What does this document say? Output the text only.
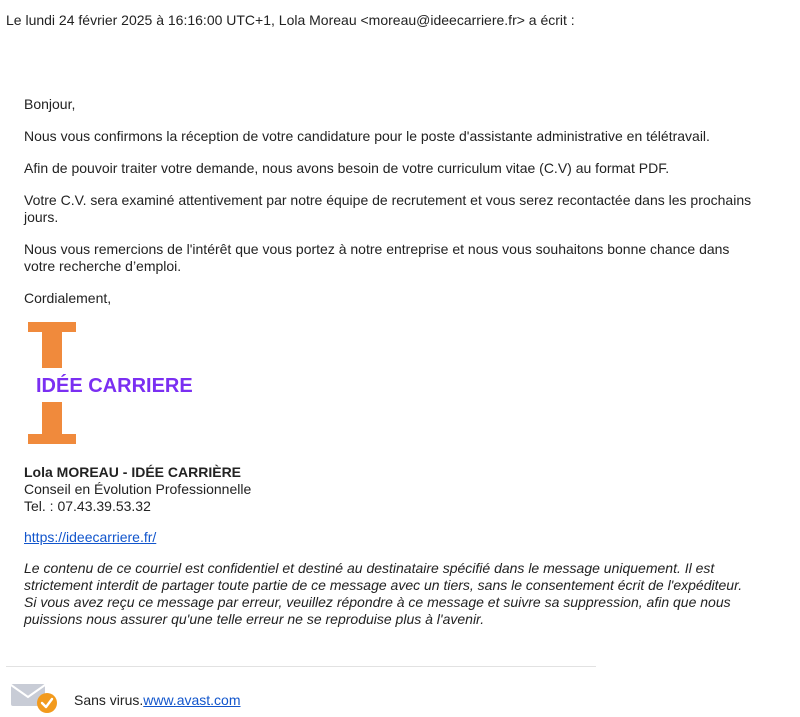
Le lundi 24 février 2025 à 16:16:00 UTC+1, Lola Moreau <moreau@ideecarriere.fr> a écrit :

Bonjour,

Nous vous confirmons la réception de votre candidature pour le poste d'assistante administrative en télétravail.

Afin de pouvoir traiter votre demande, nous avons besoin de votre curriculum vitae (C.V) au format PDF.

Votre C.V. sera examiné attentivement par notre équipe de recrutement et vous serez recontactée dans les prochains jours.

Nous vous remercions de l'intérêt que vous portez à notre entreprise et nous vous souhaitons bonne chance dans votre recherche d’emploi.

Cordialement,

IDÉE CARRIERE
Lola MOREAU - IDÉE CARRIÈRE
Conseil en Évolution Professionnelle
Tel. : 07.43.39.53.32
https://ideecarriere.fr/
Le contenu de ce courriel est confidentiel et destiné au destinataire spécifié dans le message uniquement. Il est strictement interdit de partager toute partie de ce message avec un tiers, sans le consentement écrit de l'expéditeur. Si vous avez reçu ce message par erreur, veuillez répondre à ce message et suivre sa suppression, afin que nous puissions nous assurer qu'une telle erreur ne se reproduise plus à l'avenir.
Sans virus.www.avast.com
